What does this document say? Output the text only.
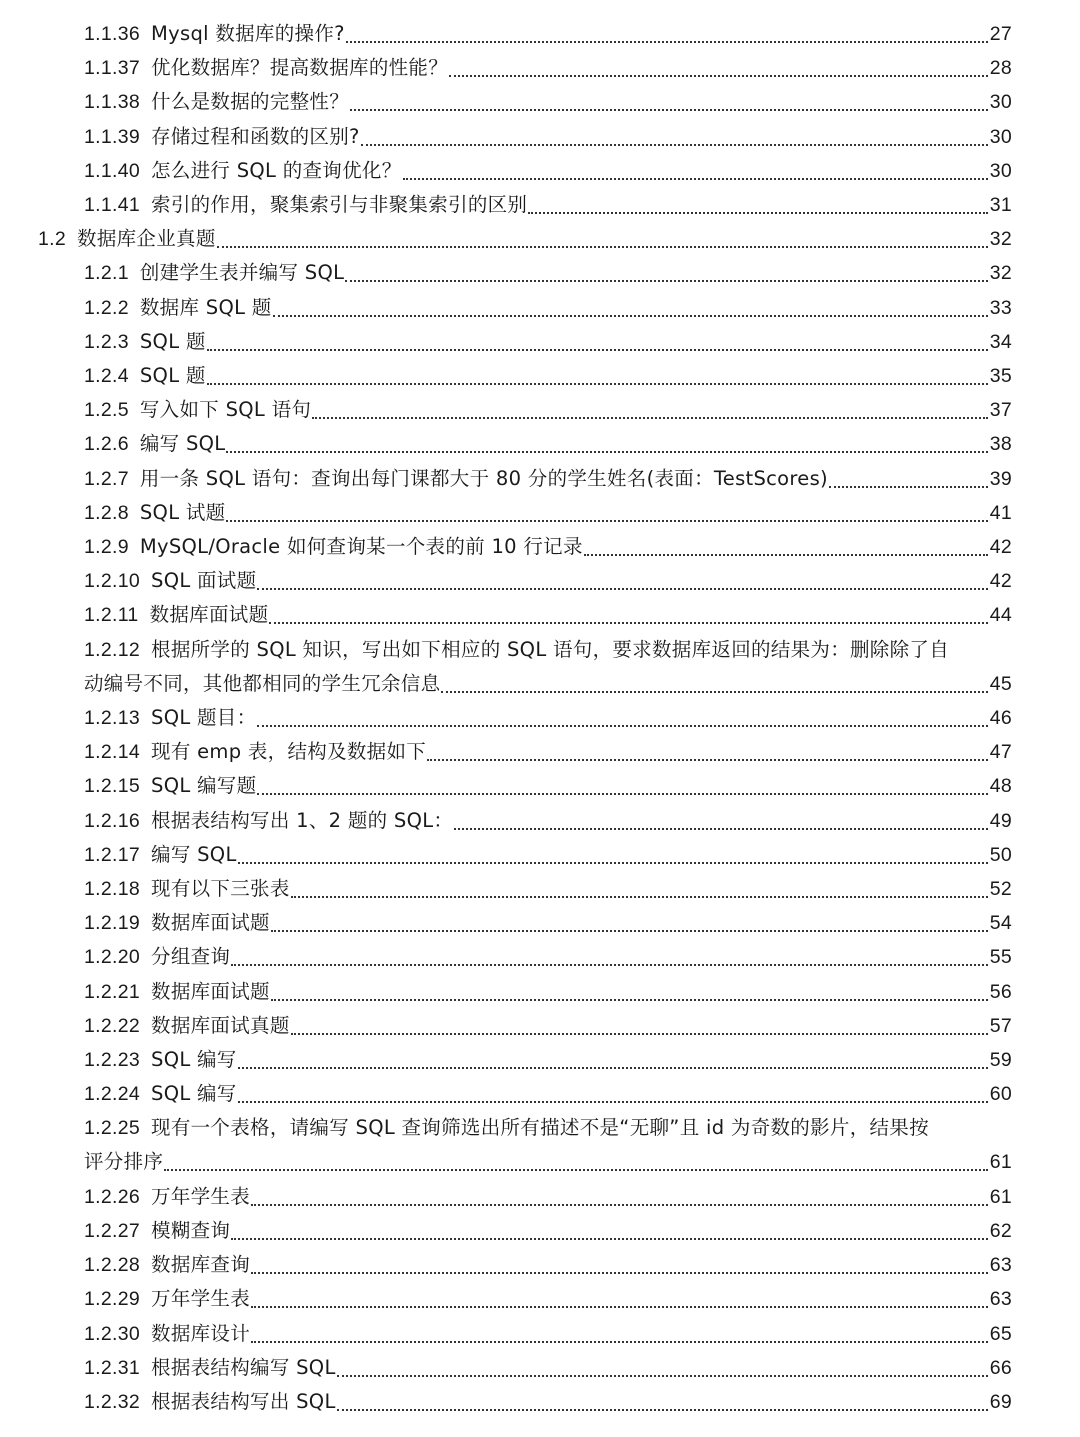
1.1.36 Mysql 数据库的操作?	27
1.1.37 优化数据库？提高数据库的性能？	28
1.1.38 什么是数据的完整性？	30
1.1.39 存储过程和函数的区别?	30
1.1.40 怎么进行 SQL 的查询优化？	30
1.1.41 索引的作用，聚集索引与非聚集索引的区别	31
1.2 数据库企业真题	32
1.2.1 创建学生表并编写 SQL	32
1.2.2 数据库 SQL 题	33
1.2.3 SQL 题	34
1.2.4 SQL 题	35
1.2.5 写入如下 SQL 语句	37
1.2.6 编写 SQL	38
1.2.7 用一条 SQL 语句：查询出每门课都大于 80 分的学生姓名(表面：TestScores)	39
1.2.8 SQL 试题	41
1.2.9 MySQL/Oracle 如何查询某一个表的前 10 行记录	42
1.2.10 SQL 面试题	42
1.2.11 数据库面试题	44
1.2.12 根据所学的 SQL 知识，写出如下相应的 SQL 语句，要求数据库返回的结果为：删除除了自
动编号不同，其他都相同的学生冗余信息	45
1.2.13 SQL 题目：	46
1.2.14 现有 emp 表，结构及数据如下	47
1.2.15 SQL 编写题	48
1.2.16 根据表结构写出 1、2 题的 SQL：	49
1.2.17 编写 SQL	50
1.2.18 现有以下三张表	52
1.2.19 数据库面试题	54
1.2.20 分组查询	55
1.2.21 数据库面试题	56
1.2.22 数据库面试真题	57
1.2.23 SQL 编写	59
1.2.24 SQL 编写	60
1.2.25 现有一个表格，请编写 SQL 查询筛选出所有描述不是“无聊”且 id 为奇数的影片，结果按
评分排序	61
1.2.26 万年学生表	61
1.2.27 模糊查询	62
1.2.28 数据库查询	63
1.2.29 万年学生表	63
1.2.30 数据库设计	65
1.2.31 根据表结构编写 SQL	66
1.2.32 根据表结构写出 SQL	69
